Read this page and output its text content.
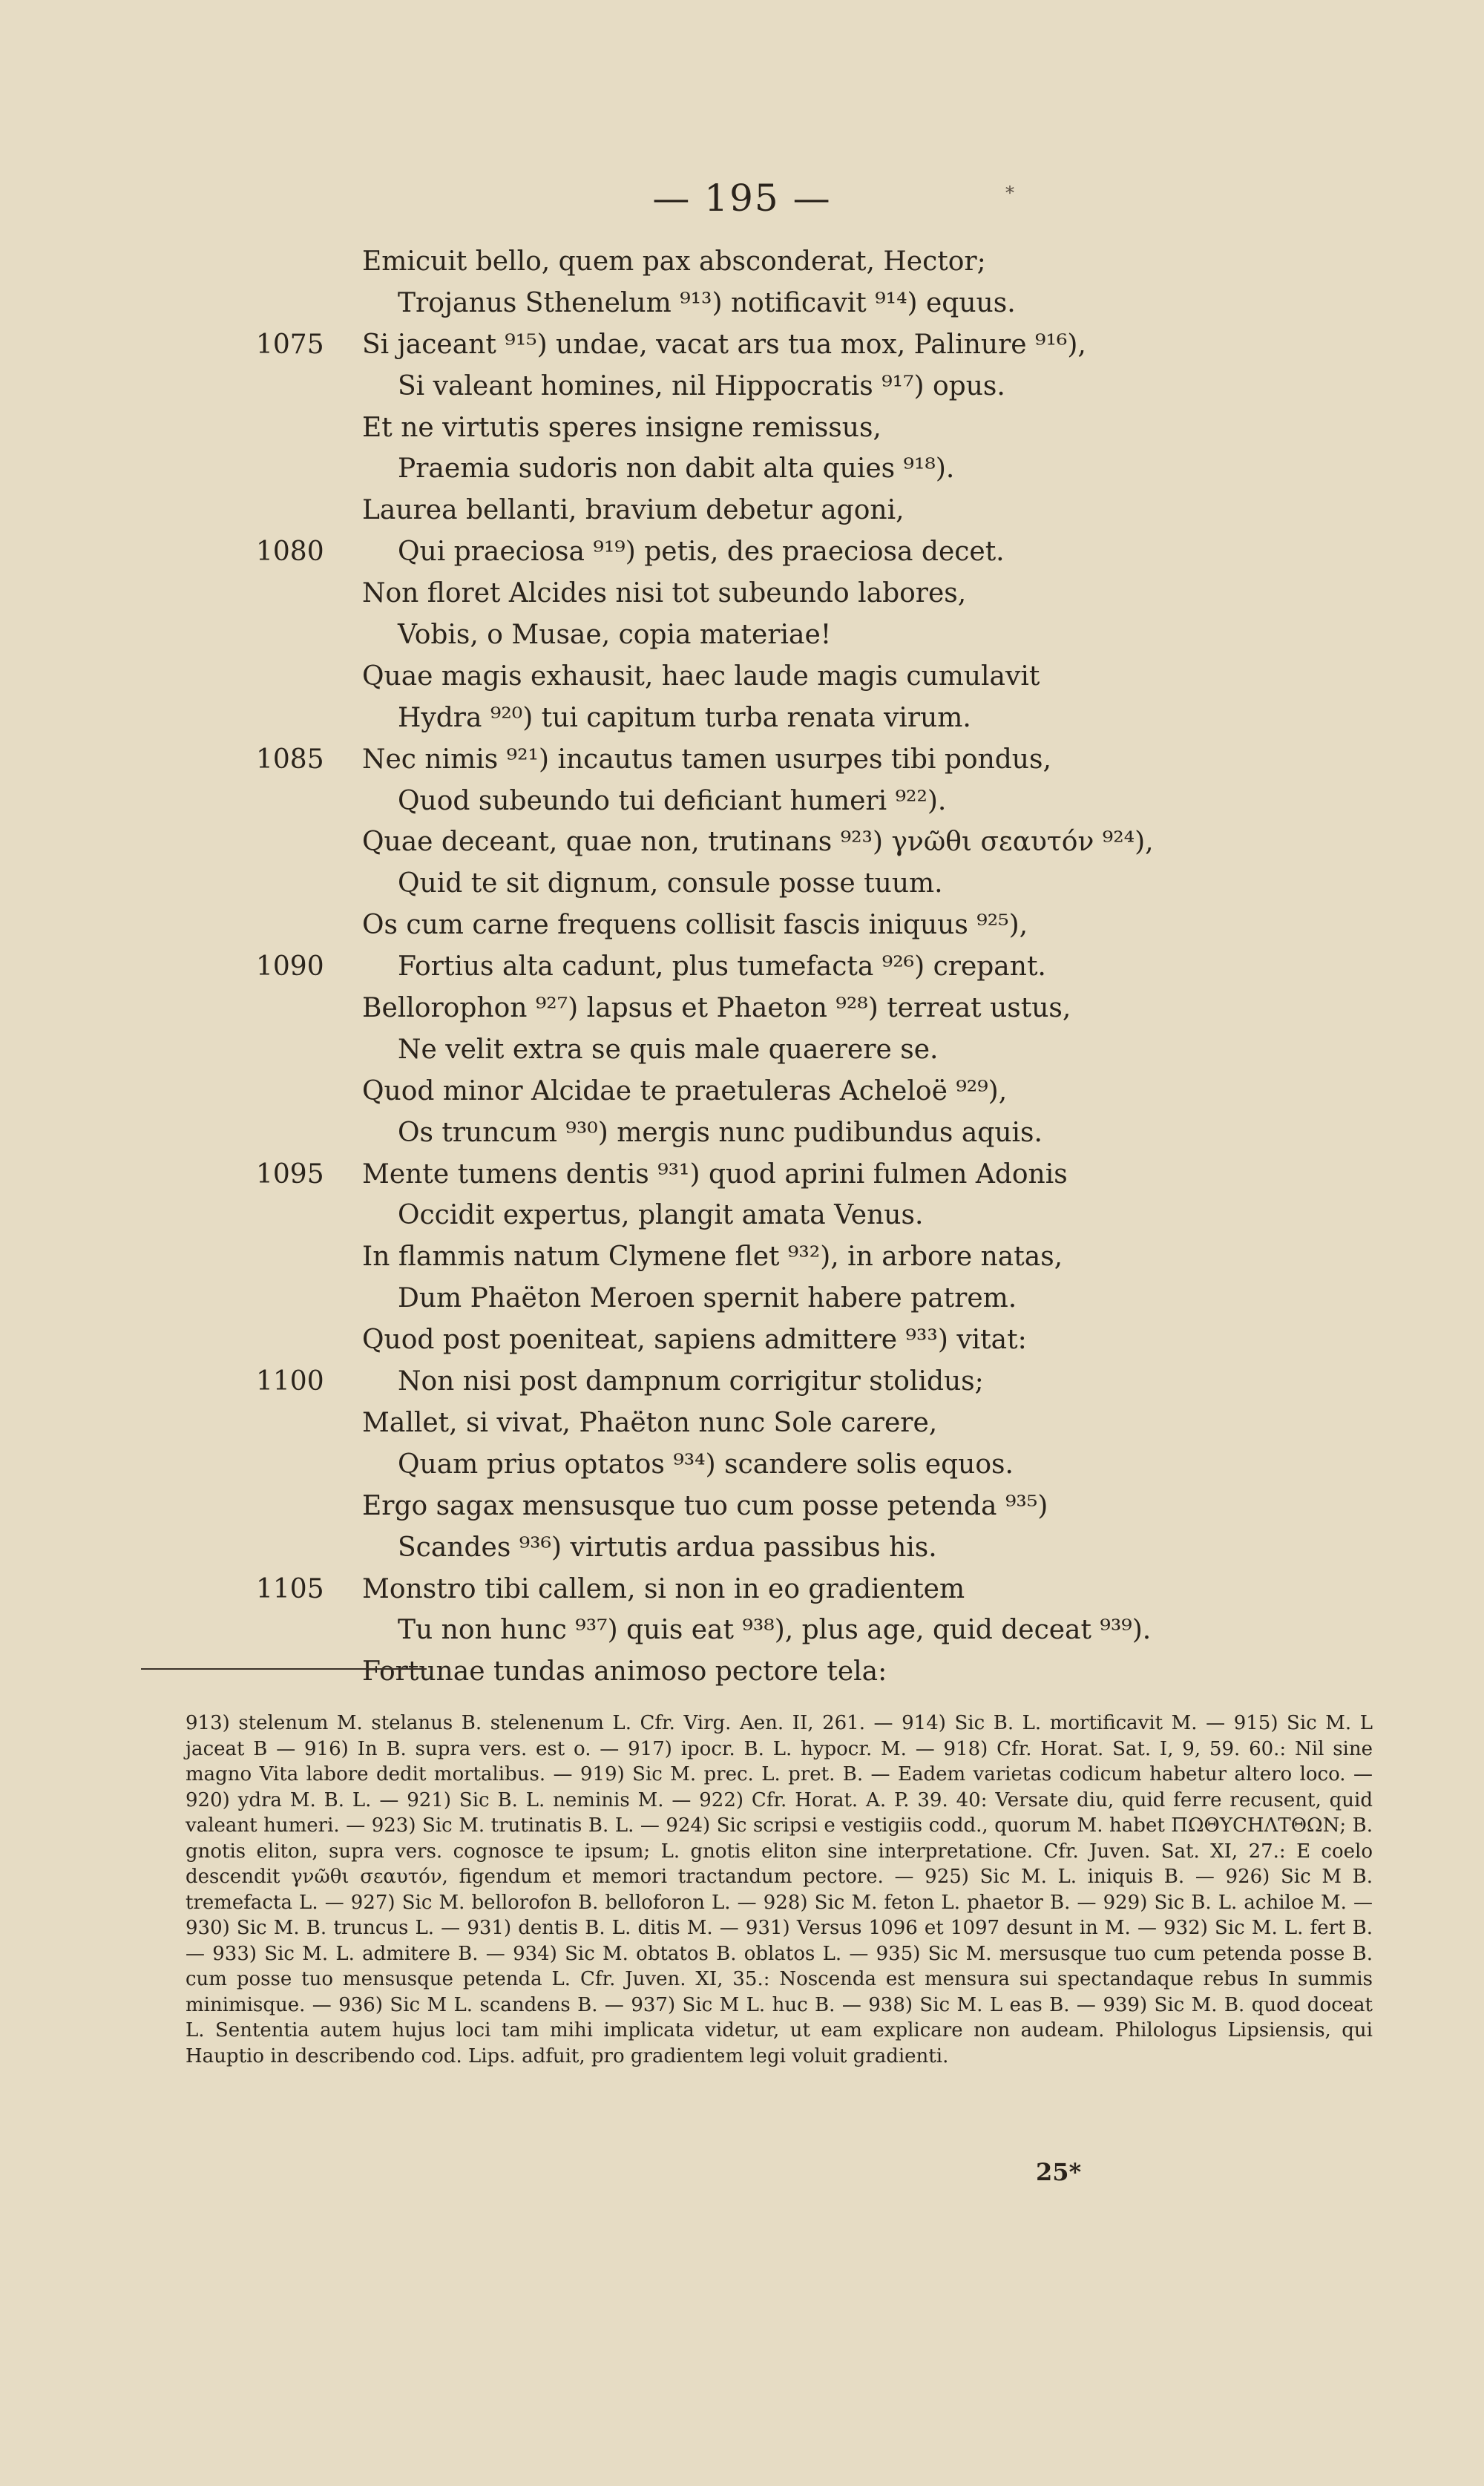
— 195 —
Emicuit bello, quem pax absconderat, Hector;
Trojanus Sthenelum ⁹¹³) notificavit ⁹¹⁴) equus.
1075 Si jaceant ⁹¹⁵) undae, vacat ars tua mox, Palinure ⁹¹⁶),
Si valeant homines, nil Hippocratis ⁹¹⁷) opus.
Et ne virtutis speres insigne remissus,
Praemia sudoris non dabit alta quies ⁹¹⁸).
Laurea bellanti, bravium debetur agoni,
1080	Qui praeciosa ⁹¹⁹) petis, des praeciosa decet.
Non floret Alcides nisi tot subeundo labores,
Vobis, o Musae, copia materiae!
Quae magis exhausit, haec laude magis cumulavit
Hydra ⁹²⁰) tui capitum turba renata virum.
1085 Nec nimis ⁹²¹) incautus tamen usurpes tibi pondus,
Quod subeundo tui deficiant humeri ⁹²²).
Quae deceant, quae non, trutinans ⁹²³) γνῶθι σεαυτόν ⁹²⁴),
Quid te sit dignum, consule posse tuum.
Os cum carne frequens collisit fascis iniquus ⁹²⁵),
1090	Fortius alta cadunt, plus tumefacta ⁹²⁶) crepant.
Bellorophon ⁹²⁷) lapsus et Phaeton ⁹²⁸) terreat ustus,
Ne velit extra se quis male quaerere se.
Quod minor Alcidae te praetuleras Acheloë ⁹²⁹),
Os truncum ⁹³⁰) mergis nunc pudibundus aquis.
1095 Mente tumens dentis ⁹³¹) quod aprini fulmen Adonis
Occidit expertus, plangit amata Venus.
In flammis natum Clymene flet ⁹³²), in arbore natas,
Dum Phaëton Meroen spernit habere patrem.
Quod post poeniteat, sapiens admittere ⁹³³) vitat:
1100	Non nisi post dampnum corrigitur stolidus;
Mallet, si vivat, Phaëton nunc Sole carere,
Quam prius optatos ⁹³⁴) scandere solis equos.
Ergo sagax mensusque tuo cum posse petenda ⁹³⁵)
Scandes ⁹³⁶) virtutis ardua passibus his.
1105 Monstro tibi callem, si non in eo gradientem
Tu non hunc ⁹³⁷) quis eat ⁹³⁸), plus age, quid deceat ⁹³⁹).
Fortunae tundas animoso pectore tela:

913) stelenum M. stelanus B. stelenenum L. Cfr. Virg. Aen. II, 261. — 914) Sic B. L. mortificavit M. — 915) Sic M. L jaceat B — 916) In B. supra vers. est o. — 917) ipocr. B. L. hypocr. M. — 918) Cfr. Horat. Sat. I, 9, 59. 60.: Nil sine magno Vita labore dedit mortalibus. — 919) Sic M. prec. L. pret. B. — Eadem varietas codicum habetur altero loco. — 920) ydra M. B. L. — 921) Sic B. L. neminis M. — 922) Cfr. Horat. A. P. 39. 40: Versate diu, quid ferre recusent, quid valeant humeri. — 923) Sic M. trutinatis B. L. — 924) Sic scripsi e vestigiis codd., quorum M. habet ΠΩΘΥCΗΛΤΘΩΝ; B. gnotis eliton, supra vers. cognosce te ipsum; L. gnotis eliton sine interpretatione. Cfr. Juven. Sat. XI, 27.: E coelo descendit γνῶθι σεαυτόν, figendum et memori tractandum pectore. — 925) Sic M. L. iniquis B. — 926) Sic M B. tremefacta L. — 927) Sic M. bellorofon B. belloforon L. — 928) Sic M. feton L. phaetor B. — 929) Sic B. L. achiloe M. — 930) Sic M. B. truncus L. — 931) dentis B. L. ditis M. — 931) Versus 1096 et 1097 desunt in M. — 932) Sic M. L. fert B. — 933) Sic M. L. admitere B. — 934) Sic M. obtatos B. oblatos L. — 935) Sic M. mersusque tuo cum petenda posse B. cum posse tuo mensusque petenda L. Cfr. Juven. XI, 35.: Noscenda est mensura sui spectandaque rebus In summis minimisque. — 936) Sic M L. scandens B. — 937) Sic M L. huc B. — 938) Sic M. L eas B. — 939) Sic M. B. quod doceat L. Sententia autem hujus loci tam mihi implicata videtur, ut eam explicare non audeam. Philologus Lipsiensis, qui Hauptio in describendo cod. Lips. adfuit, pro gradientem legi voluit gradienti.

25*
*
